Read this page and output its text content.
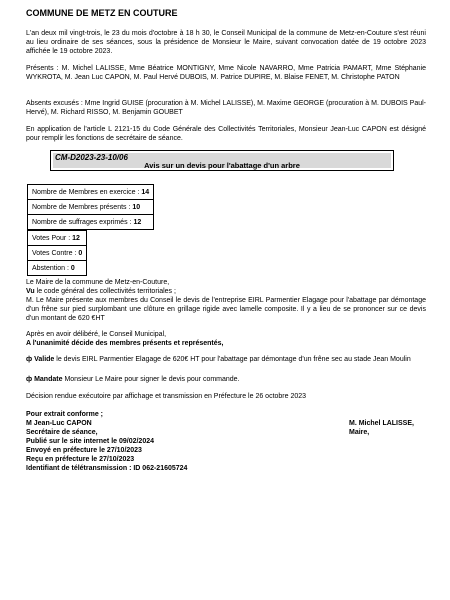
COMMUNE DE METZ EN COUTURE

L'an deux mil vingt-trois, le 23 du mois d'octobre à 18 h 30, le Conseil Municipal de la commune de Metz-en-Couture s'est réuni au lieu ordinaire de ses séances, sous la présidence de Monsieur le Maire, suivant convocation datée de 19 octobre 2023 affichée le 19 octobre 2023.

Présents : M. Michel LALISSE, Mme Béatrice MONTIGNY, Mme Nicole NAVARRO, Mme Patricia PAMART, Mme Stéphanie WYKROTA, M. Jean Luc CAPON, M. Paul Hervé DUBOIS, M. Patrice DUPIRE, M. Blaise FENET, M. Christophe PATON

Absents excusés : Mme Ingrid GUISE (procuration à M. Michel LALISSE), M. Maxime GEORGE (procuration à M. DUBOIS Paul-Hervé), M. Richard RISSO, M. Benjamin GOUBET

En application de l'article L 2121-15 du Code Générale des Collectivités Territoriales, Monsieur Jean-Luc CAPON est désigné pour remplir les fonctions de secrétaire de séance.

CM-D2023-23-10/06
Avis sur un devis pour l'abattage d'un arbre
Nombre de Membres en exercice : 14
Nombre de Membres présents : 10
Nombre de suffrages exprimés : 12
Votes Pour : 12
Votes Contre : 0
Abstention : 0

Le Maire de la commune de Metz-en-Couture,

Vu le code général des collectivités territoriales ;

M. Le Maire présente aux membres du Conseil le devis de l'entreprise EIRL Parmentier Elagage pour l'abattage par démontage d'un frêne sur pied surplombant une clôture en grillage rigide avec lamelle composite. Il y a lieu de se prononcer sur ce devis d'un montant de 620 €HT

Après en avoir délibéré, le Conseil Municipal,

A l'unanimité décide des membres présents et représentés,

ф Valide le devis EIRL Parmentier Elagage de 620€ HT pour l'abattage par démontage d'un frêne sec au stade Jean Moulin

ф Mandate Monsieur Le Maire pour signer le devis pour commande.

Décision rendue exécutoire par affichage et transmission en Préfecture le 26 octobre 2023

Pour extrait conforme ;
M Jean-Luc CAPON
Secrétaire de séance,
Publié sur le site internet le 09/02/2024
Envoyé en préfecture le 27/10/2023
Reçu en préfecture le 27/10/2023
Identifiant de télétransmission : ID 062-21605724
M. Michel LALISSE,
Maire,
